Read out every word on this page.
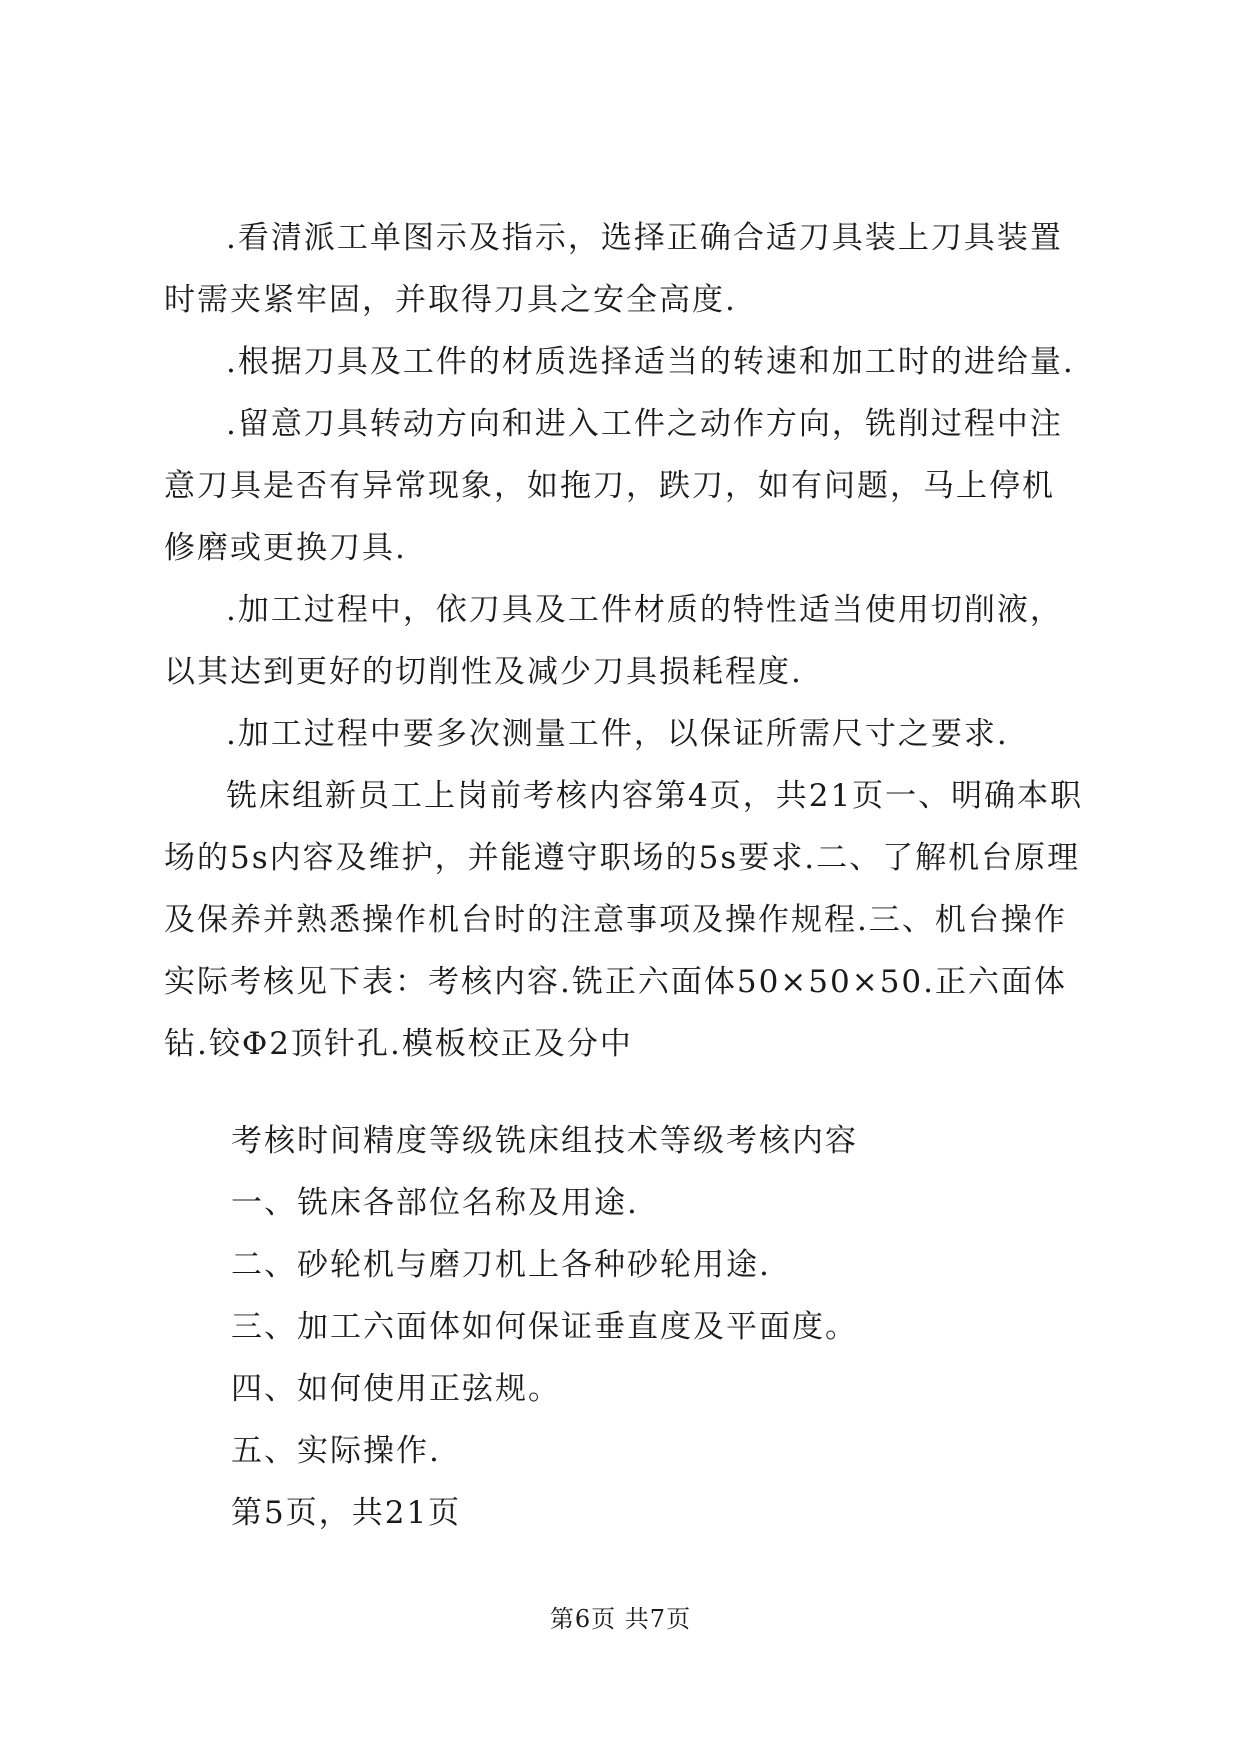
.看清派工单图示及指示，选择正确合适刀具装上刀具装置时需夹紧牢固，并取得刀具之安全高度.

.根据刀具及工件的材质选择适当的转速和加工时的进给量.

.留意刀具转动方向和进入工件之动作方向，铣削过程中注意刀具是否有异常现象，如拖刀，跌刀，如有问题，马上停机修磨或更换刀具.

.加工过程中，依刀具及工件材质的特性适当使用切削液，以其达到更好的切削性及减少刀具损耗程度.

.加工过程中要多次测量工件，以保证所需尺寸之要求.

铣床组新员工上岗前考核内容第4页，共21页一、明确本职场的5s内容及维护，并能遵守职场的5s要求.二、了解机台原理及保养并熟悉操作机台时的注意事项及操作规程.三、机台操作实际考核见下表：考核内容.铣正六面体50×50×50.正六面体钻.铰Φ2顶针孔.模板校正及分中

考核时间精度等级铣床组技术等级考核内容
一、铣床各部位名称及用途.
二、砂轮机与磨刀机上各种砂轮用途.
三、加工六面体如何保证垂直度及平面度。
四、如何使用正弦规。
五、实际操作.
第5页，共21页
第6页 共7页
